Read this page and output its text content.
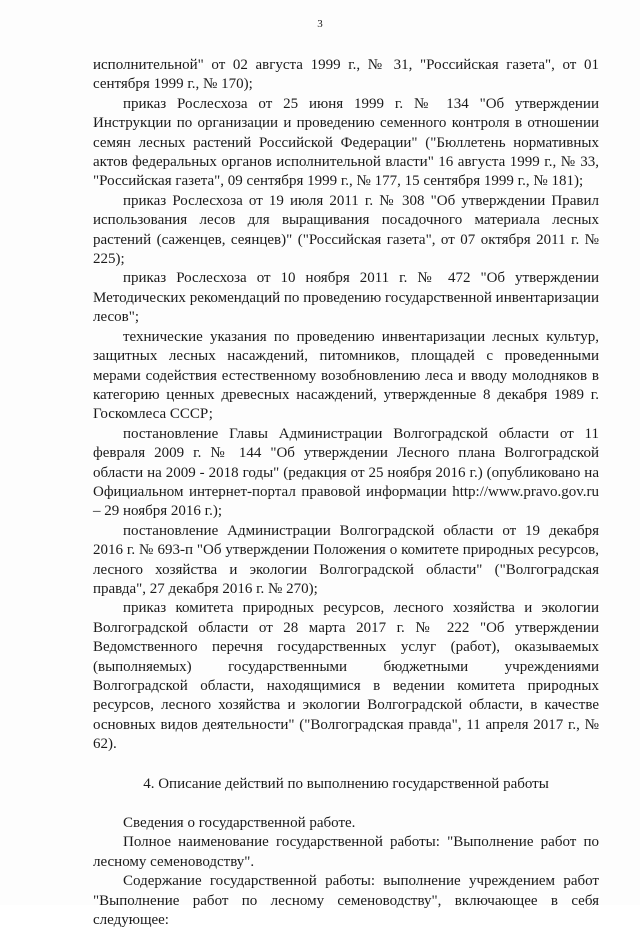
3

исполнительной" от 02 августа 1999 г., № 31, "Российская газета", от 01 сентября 1999 г., № 170);

приказ Рослесхоза от 25 июня 1999 г. № 134 "Об утверждении Инструкции по организации и проведению семенного контроля в отношении семян лесных растений Российской Федерации" ("Бюллетень нормативных актов федеральных органов исполнительной власти" 16 августа 1999 г., № 33, "Российская газета", 09 сентября 1999 г., № 177, 15 сентября 1999 г., № 181);

приказ Рослесхоза от 19 июля 2011 г. № 308 "Об утверждении Правил использования лесов для выращивания посадочного материала лесных растений (саженцев, сеянцев)" ("Российская газета", от 07 октября 2011 г. № 225);

приказ Рослесхоза от 10 ноября 2011 г. № 472 "Об утверждении Методических рекомендаций по проведению государственной инвентаризации лесов";

технические указания по проведению инвентаризации лесных культур, защитных лесных насаждений, питомников, площадей с проведенными мерами содействия естественному возобновлению леса и вводу молодняков в категорию ценных древесных насаждений, утвержденные 8 декабря 1989 г. Госкомлеса СССР;

постановление Главы Администрации Волгоградской области от 11 февраля 2009 г. № 144 "Об утверждении Лесного плана Волгоградской области на 2009 - 2018 годы" (редакция от 25 ноября 2016 г.) (опубликовано на Официальном интернет-портал правовой информации http://www.pravo.gov.ru – 29 ноября 2016 г.);

постановление Администрации Волгоградской области от 19 декабря 2016 г. № 693-п "Об утверждении Положения о комитете природных ресурсов, лесного хозяйства и экологии Волгоградской области" ("Волгоградская правда", 27 декабря 2016 г. № 270);

приказ комитета природных ресурсов, лесного хозяйства и экологии Волгоградской области от 28 марта 2017 г. № 222 "Об утверждении Ведомственного перечня государственных услуг (работ), оказываемых (выполняемых) государственными бюджетными учреждениями Волгоградской области, находящимися в ведении комитета природных ресурсов, лесного хозяйства и экологии Волгоградской области, в качестве основных видов деятельности" ("Волгоградская правда", 11 апреля 2017 г., № 62).

4. Описание действий по выполнению государственной работы

Сведения о государственной работе.

Полное наименование государственной работы: "Выполнение работ по лесному семеноводству".

Содержание государственной работы: выполнение учреждением работ "Выполнение работ по лесному семеноводству", включающее в себя следующее:
